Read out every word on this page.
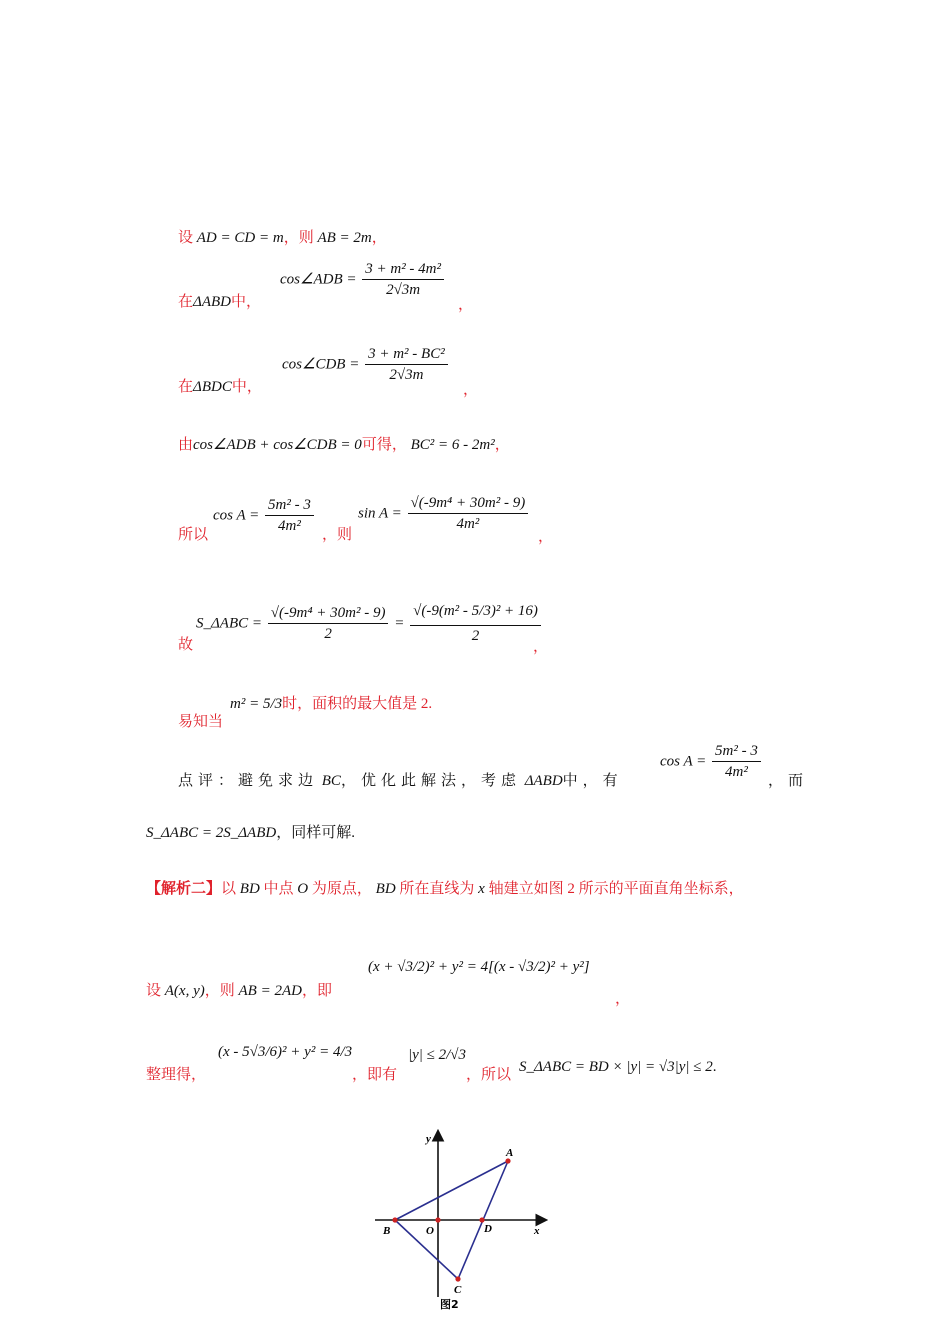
设 AD = CD = m，则 AB = 2m，
在ΔABD中，
cos∠ADB = $\frac{\text{3 + m² - 4m²}}{2√3m}$
，
在ΔBDC中，
cos∠CDB = $\frac{\text{3 + m² - BC²}}{2√3m}$
，
由cos∠ADB + cos∠CDB = 0可得， BC² = 6 - 2m²，
所以
$\cos A = \frac{\text{5m² - 3}}{\text{4m²}}$
，则
$\sin A = \frac{\text{√(-9m⁴ + 30m² - 9)}}{\text{4m²}}$
，
故
S_ΔABC = $\frac{\text{√(-9m⁴ + 30m² - 9)}}{2} = \frac{\text{√(-9(m² - 5/3)² + 16)}}{2}$
，
易知当
m² = 5/3时，面积的最大值是 2.
点评：避免求边 BC，优化此解法，考虑 ΔABD中，有
$\cos A = \frac{\text{5m² - 3}}{\text{4m²}}$
，而
S_ΔABC = 2S_ΔABD，同样可解.
【解析二】以 BD 中点 O 为原点， BD 所在直线为 x 轴建立如图 2 所示的平面直角坐标系，
设 A(x, y)，则 AB = 2AD，即
(x + √3/2)² + y² = 4[(x - √3/2)² + y²]
，
整理得，
(x - 5√3/6)² + y² = 4/3
，即有
|y| ≤ 2/√3
，所以 S_ΔABC = BD × |y| = √3|y| ≤ 2.
y
x
A
B	O	D
C
图2
